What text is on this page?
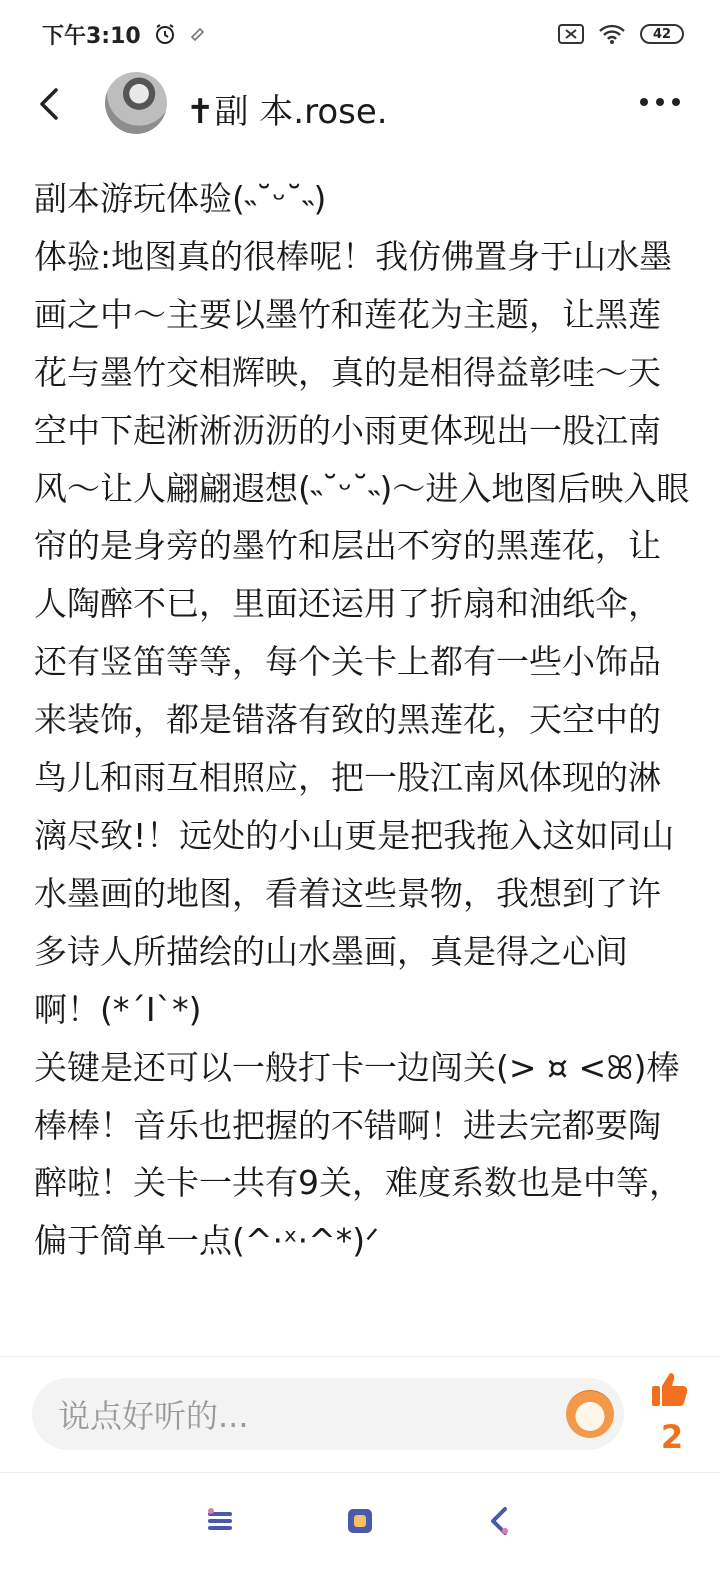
下午3:10	42
✝副 本.rose.

副本游玩体验(˵˘ᵕ˘˵)

体验:地图真的很棒呢！我仿佛置身于山水墨画之中～主要以墨竹和莲花为主题，让黑莲花与墨竹交相辉映，真的是相得益彰哇～天空中下起淅淅沥沥的小雨更体现出一股江南风～让人翩翩遐想(˵˘ᵕ˘˵)～进入地图后映入眼帘的是身旁的墨竹和层出不穷的黑莲花，让人陶醉不已，里面还运用了折扇和油纸伞，还有竖笛等等，每个关卡上都有一些小饰品来装饰，都是错落有致的黑莲花，天空中的鸟儿和雨互相照应，把一股江南风体现的淋漓尽致!！远处的小山更是把我拖入这如同山水墨画的地图，看着这些景物，我想到了许多诗人所描绘的山水墨画，真是得之心间啊！(*´I`*)

关键是还可以一般打卡一边闯关(> ¤ <ꕤ)棒棒棒！音乐也把握的不错啊！进去完都要陶醉啦！关卡一共有9关，难度系数也是中等，偏于简单一点(^·ˣ·^*)ᐟ

说点好听的...
2
